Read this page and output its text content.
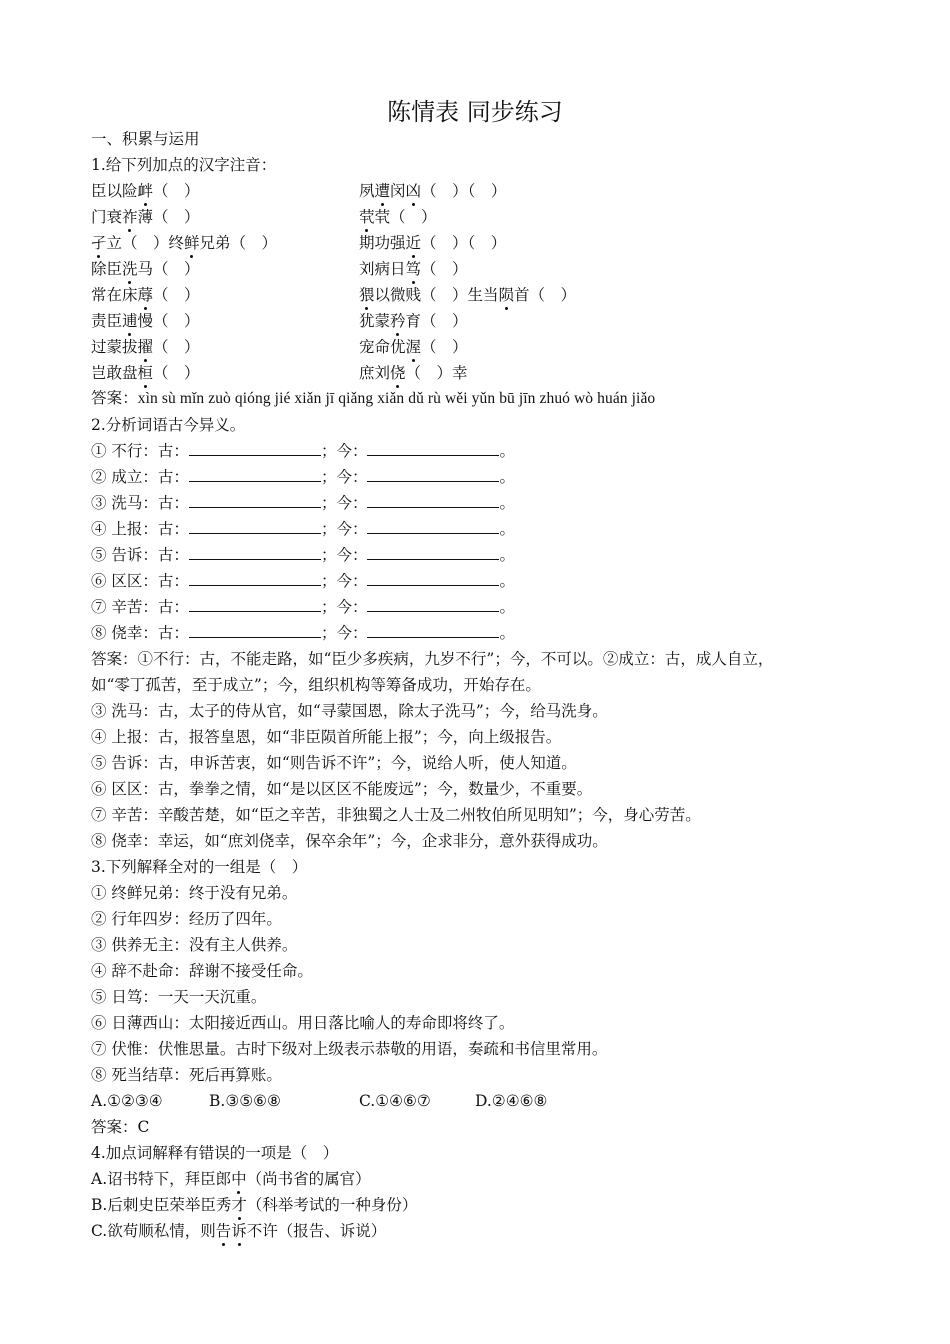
陈情表 同步练习
一、积累与运用
1.给下列加点的汉字注音：
臣以险衅（　）	夙遭闵凶（　）（　）
门衰祚薄（　）	茕茕（　）
孑立（　）终鲜兄弟（　）	期功强近（　）（　）
除臣洗马（　）	刘病日笃（　）
常在床蓐（　）	猥以微贱（　）生当陨首（　）
责臣逋慢（　）	犹蒙矜育（　）
过蒙拔擢（　）	宠命优渥（　）
岂敢盘桓（　）	庶刘侥（　）幸
答案：xìn sù mǐn zuò qióng jié xiǎn jī qiǎng xiǎn dǔ rù wěi yǔn bū jīn zhuó wò huán jiǎo
2.分析词语古今异义。
① 不行：古：	；今：	。
② 成立：古：	；今：	。
③ 洗马：古：	；今：	。
④ 上报：古：	；今：	。
⑤ 告诉：古：	；今：	。
⑥ 区区：古：	；今：	。
⑦ 辛苦：古：	；今：	。
⑧ 侥幸：古：	；今：	。
答案：①不行：古，不能走路，如“臣少多疾病，九岁不行”；今，不可以。②成立：古，成人自立，
如“零丁孤苦，至于成立”；今，组织机构等筹备成功，开始存在。
③ 洗马：古，太子的侍从官，如“寻蒙国恩，除太子洗马”；今，给马洗身。
④ 上报：古，报答皇恩，如“非臣陨首所能上报”；今，向上级报告。
⑤ 告诉：古，申诉苦衷，如“则告诉不许”；今，说给人听，使人知道。
⑥ 区区：古，拳拳之情，如“是以区区不能废远”；今，数量少，不重要。
⑦ 辛苦：辛酸苦楚，如“臣之辛苦，非独蜀之人士及二州牧伯所见明知”；今，身心劳苦。
⑧ 侥幸：幸运，如“庶刘侥幸，保卒余年”；今，企求非分，意外获得成功。
3.下列解释全对的一组是（　）
① 终鲜兄弟：终于没有兄弟。
② 行年四岁：经历了四年。
③ 供养无主：没有主人供养。
④ 辞不赴命：辞谢不接受任命。
⑤ 日笃：一天一天沉重。
⑥ 日薄西山：太阳接近西山。用日落比喻人的寿命即将终了。
⑦ 伏惟：伏惟思量。古时下级对上级表示恭敬的用语，奏疏和书信里常用。
⑧ 死当结草：死后再算账。
A.①②③④	B.③⑤⑥⑧	C.①④⑥⑦	D.②④⑥⑧
答案：C
4.加点词解释有错误的一项是（　）
A.诏书特下，拜臣郎中（尚书省的属官）
B.后刺史臣荣举臣秀才（科举考试的一种身份）
C.欲苟顺私情，则告诉不许（报告、诉说）
